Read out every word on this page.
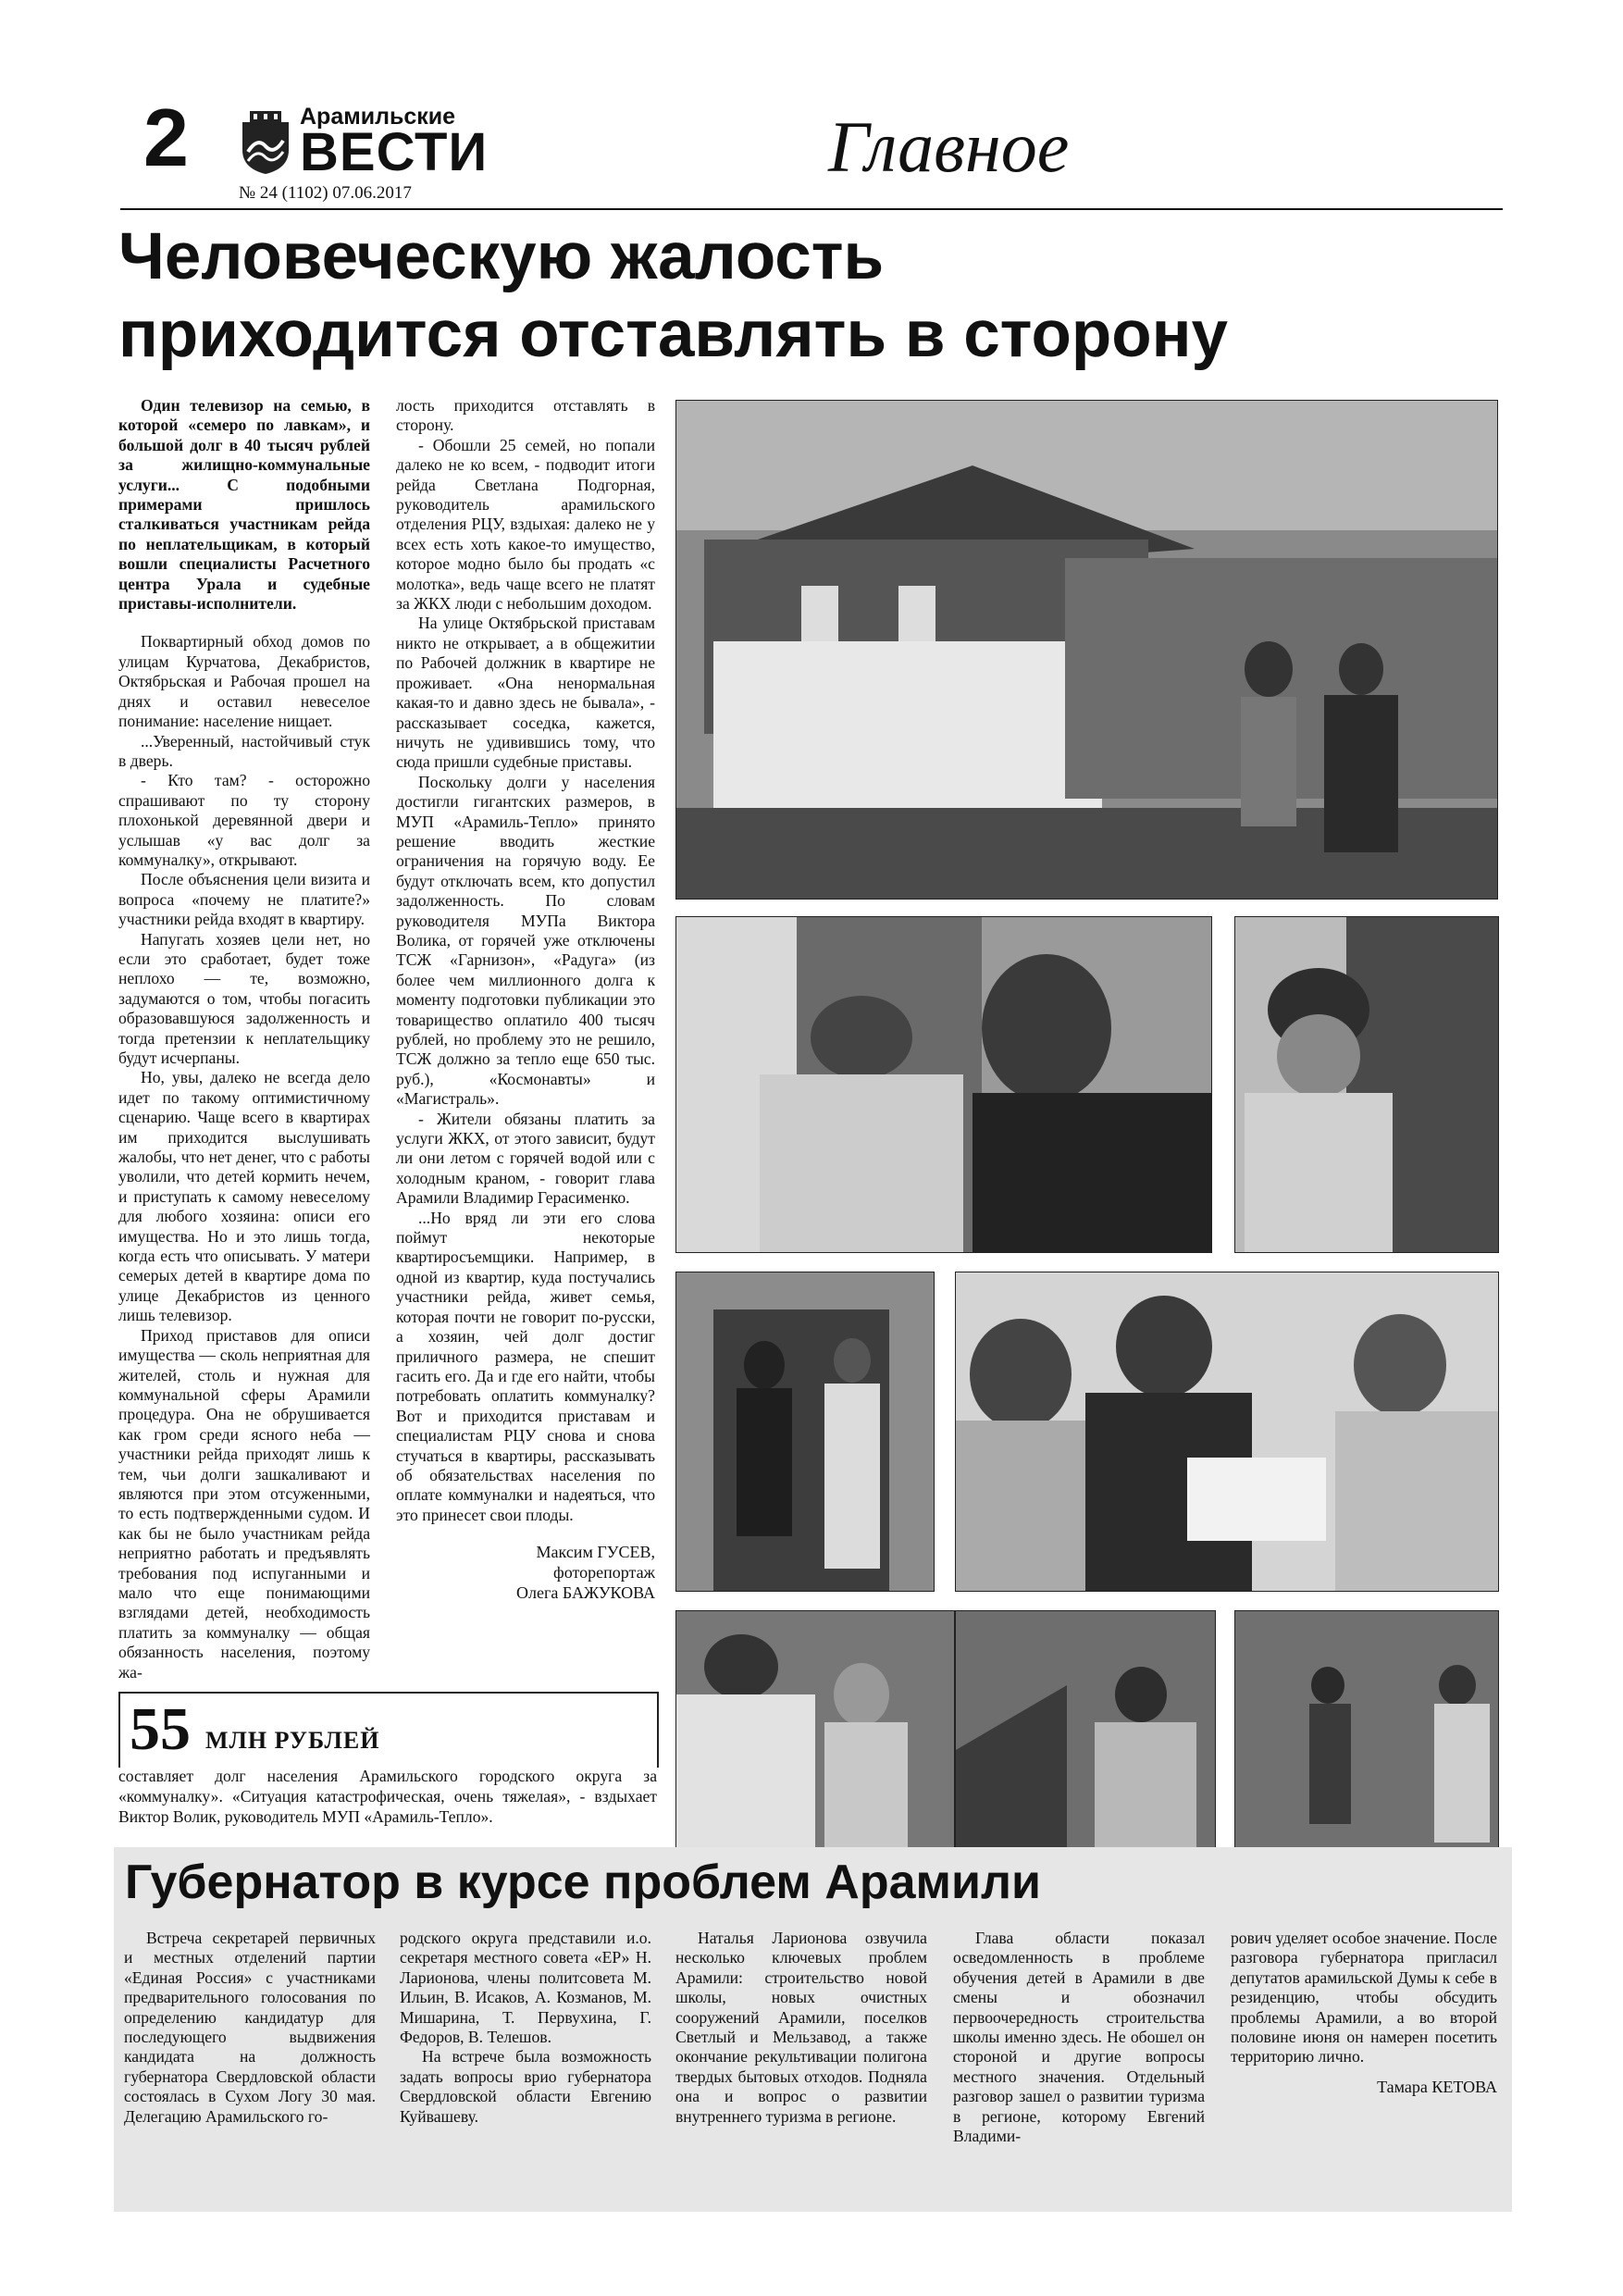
2	Арамильские
ВЕСТИ
№ 24 (1102) 07.06.2017
Главное
Человеческую жалость
приходится отставлять в сторону

Один телевизор на семью, в которой «семеро по лавкам», и большой долг в 40 тысяч рублей за жилищно-коммунальные услуги... С подобными примерами пришлось сталкиваться участникам рейда по неплательщикам, в который вошли специалисты Расчетного центра Урала и судебные приставы-исполнители.

Поквартирный обход домов по улицам Курчатова, Декабристов, Октябрьская и Рабочая прошел на днях и оставил невеселое понимание: население нищает.

...Уверенный, настойчивый стук в дверь.

- Кто там? - осторожно спрашивают по ту сторону плохонькой деревянной двери и услышав «у вас долг за коммуналку», открывают.

После объяснения цели визита и вопроса «почему не платите?» участники рейда входят в квартиру.

Напугать хозяев цели нет, но если это сработает, будет тоже неплохо — те, возможно, задумаются о том, чтобы погасить образовавшуюся задолженность и тогда претензии к неплательщику будут исчерпаны.

Но, увы, далеко не всегда дело идет по такому оптимистичному сценарию. Чаще всего в квартирах им приходится выслушивать жалобы, что нет денег, что с работы уволили, что детей кормить нечем, и приступать к самому невеселому для любого хозяина: описи его имущества. Но и это лишь тогда, когда есть что описывать. У матери семерых детей в квартире дома по улице Декабристов из ценного лишь телевизор.

Приход приставов для описи имущества — сколь неприятная для жителей, столь и нужная для коммунальной сферы Арамили процедура. Она не обрушивается как гром среди ясного неба — участники рейда приходят лишь к тем, чьи долги зашкаливают и являются при этом отсуженными, то есть подтвержденными судом. И как бы не было участникам рейда неприятно работать и предъявлять требования под испуганными и мало что еще понимающими взглядами детей, необходимость платить за коммуналку — общая обязанность населения, поэтому жа-

лость приходится отставлять в сторону.

- Обошли 25 семей, но попали далеко не ко всем, - подводит итоги рейда Светлана Подгорная, руководитель арамильского отделения РЦУ, вздыхая: далеко не у всех есть хоть какое-то имущество, которое модно было бы продать «с молотка», ведь чаще всего не платят за ЖКХ люди с небольшим доходом.

На улице Октябрьской приставам никто не открывает, а в общежитии по Рабочей должник в квартире не проживает. «Она ненормальная какая-то и давно здесь не бывала», - рассказывает соседка, кажется, ничуть не удивившись тому, что сюда пришли судебные приставы.

Поскольку долги у населения достигли гигантских размеров, в МУП «Арамиль-Тепло» принято решение вводить жесткие ограничения на горячую воду. Ее будут отключать всем, кто допустил задолженность. По словам руководителя МУПа Виктора Волика, от горячей уже отключены ТСЖ «Гарнизон», «Радуга» (из более чем миллионного долга к моменту подготовки публикации это товарищество оплатило 400 тысяч рублей, но проблему это не решило, ТСЖ должно за тепло еще 650 тыс. руб.), «Космонавты» и «Магистраль».

- Жители обязаны платить за услуги ЖКХ, от этого зависит, будут ли они летом с горячей водой или с холодным краном, - говорит глава Арамили Владимир Герасименко.

...Но вряд ли эти его слова поймут некоторые квартиросъемщики. Например, в одной из квартир, куда постучались участники рейда, живет семья, которая почти не говорит по-русски, а хозяин, чей долг достиг приличного размера, не спешит гасить его. Да и где его найти, чтобы потребовать оплатить коммуналку? Вот и приходится приставам и специалистам РЦУ снова и снова стучаться в квартиры, рассказывать об обязательствах населения по оплате коммуналки и надеяться, что это принесет свои плоды.

Максим ГУСЕВ,
фоторепортаж
Олега БАЖУКОВА
55 МЛН РУБЛЕЙ
составляет долг населения Арамильского городского округа за «коммуналку». «Ситуация катастрофическая, очень тяжелая», - вздыхает Виктор Волик, руководитель МУП «Арамиль-Тепло».
Губернатор в курсе проблем Арамили

Встреча секретарей первичных и местных отделений партии «Единая Россия» с участниками предварительного голосования по определению кандидатур для последующего выдвижения кандидата на должность губернатора Свердловской области состоялась в Сухом Логу 30 мая. Делегацию Арамильского го-

родского округа представили и.о. секретаря местного совета «ЕР» Н. Ларионова, члены политсовета М. Ильин, В. Исаков, А. Козманов, М. Мишарина, Т. Первухина, Г. Федоров, В. Телешов.

На встрече была возможность задать вопросы врио губернатора Свердловской области Евгению Куйвашеву.

Наталья Ларионова озвучила несколько ключевых проблем Арамили: строительство новой школы, новых очистных сооружений Арамили, поселков Светлый и Мельзавод, а также окончание рекультивации полигона твердых бытовых отходов. Подняла она и вопрос о развитии внутреннего туризма в регионе.

Глава области показал осведомленность в проблеме обучения детей в Арамили в две смены и обозначил первоочередность строительства школы именно здесь. Не обошел он стороной и другие вопросы местного значения. Отдельный разговор зашел о развитии туризма в регионе, которому Евгений Владими-

рович уделяет особое значение. После разговора губернатора пригласил депутатов арамильской Думы к себе в резиденцию, чтобы обсудить проблемы Арамили, а во второй половине июня он намерен посетить территорию лично.

Тамара КЕТОВА
